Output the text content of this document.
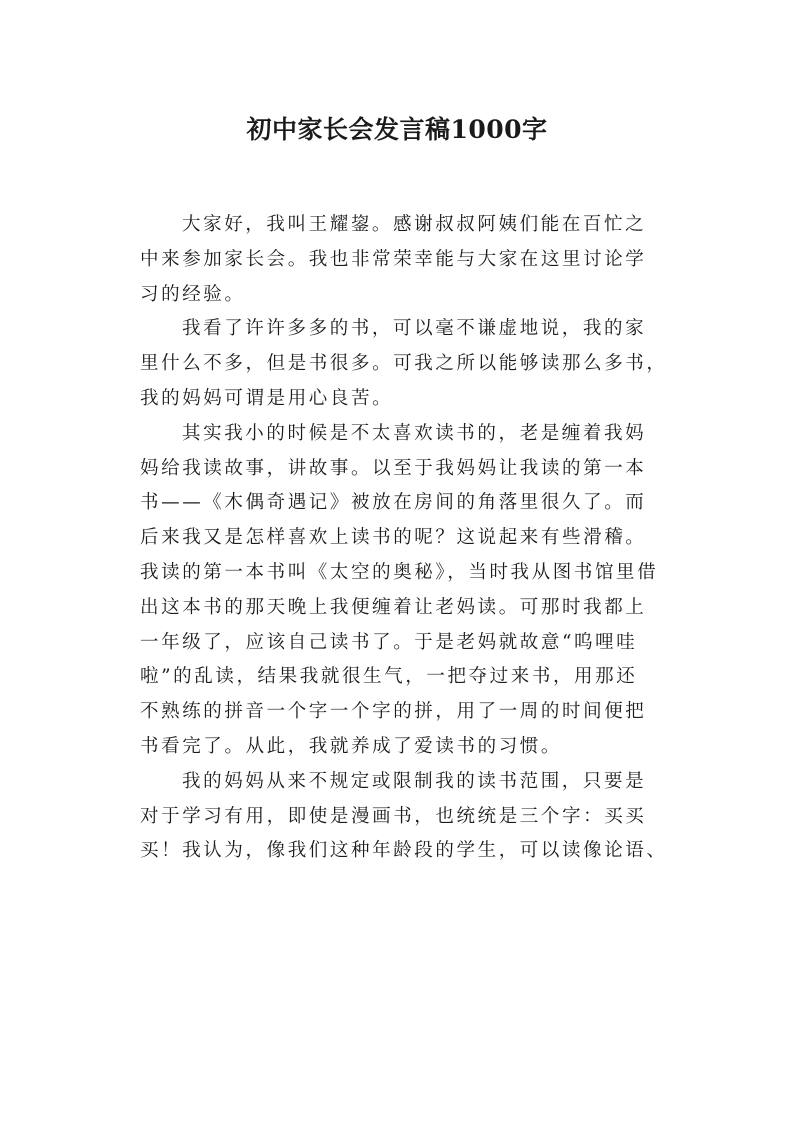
初中家长会发言稿1000字
大家好，我叫王耀鋆。感谢叔叔阿姨们能在百忙之
中来参加家长会。我也非常荣幸能与大家在这里讨论学
习的经验。
我看了许许多多的书，可以毫不谦虚地说，我的家
里什么不多，但是书很多。可我之所以能够读那么多书，
我的妈妈可谓是用心良苦。
其实我小的时候是不太喜欢读书的，老是缠着我妈
妈给我读故事，讲故事。以至于我妈妈让我读的第一本
书——《木偶奇遇记》被放在房间的角落里很久了。而
后来我又是怎样喜欢上读书的呢？这说起来有些滑稽。
我读的第一本书叫《太空的奥秘》，当时我从图书馆里借
出这本书的那天晚上我便缠着让老妈读。可那时我都上
一年级了，应该自己读书了。于是老妈就故意“呜哩哇
啦”的乱读，结果我就很生气，一把夺过来书，用那还
不熟练的拼音一个字一个字的拼，用了一周的时间便把
书看完了。从此，我就养成了爱读书的习惯。
我的妈妈从来不规定或限制我的读书范围，只要是
对于学习有用，即使是漫画书，也统统是三个字：买买
买！我认为，像我们这种年龄段的学生，可以读像论语、
